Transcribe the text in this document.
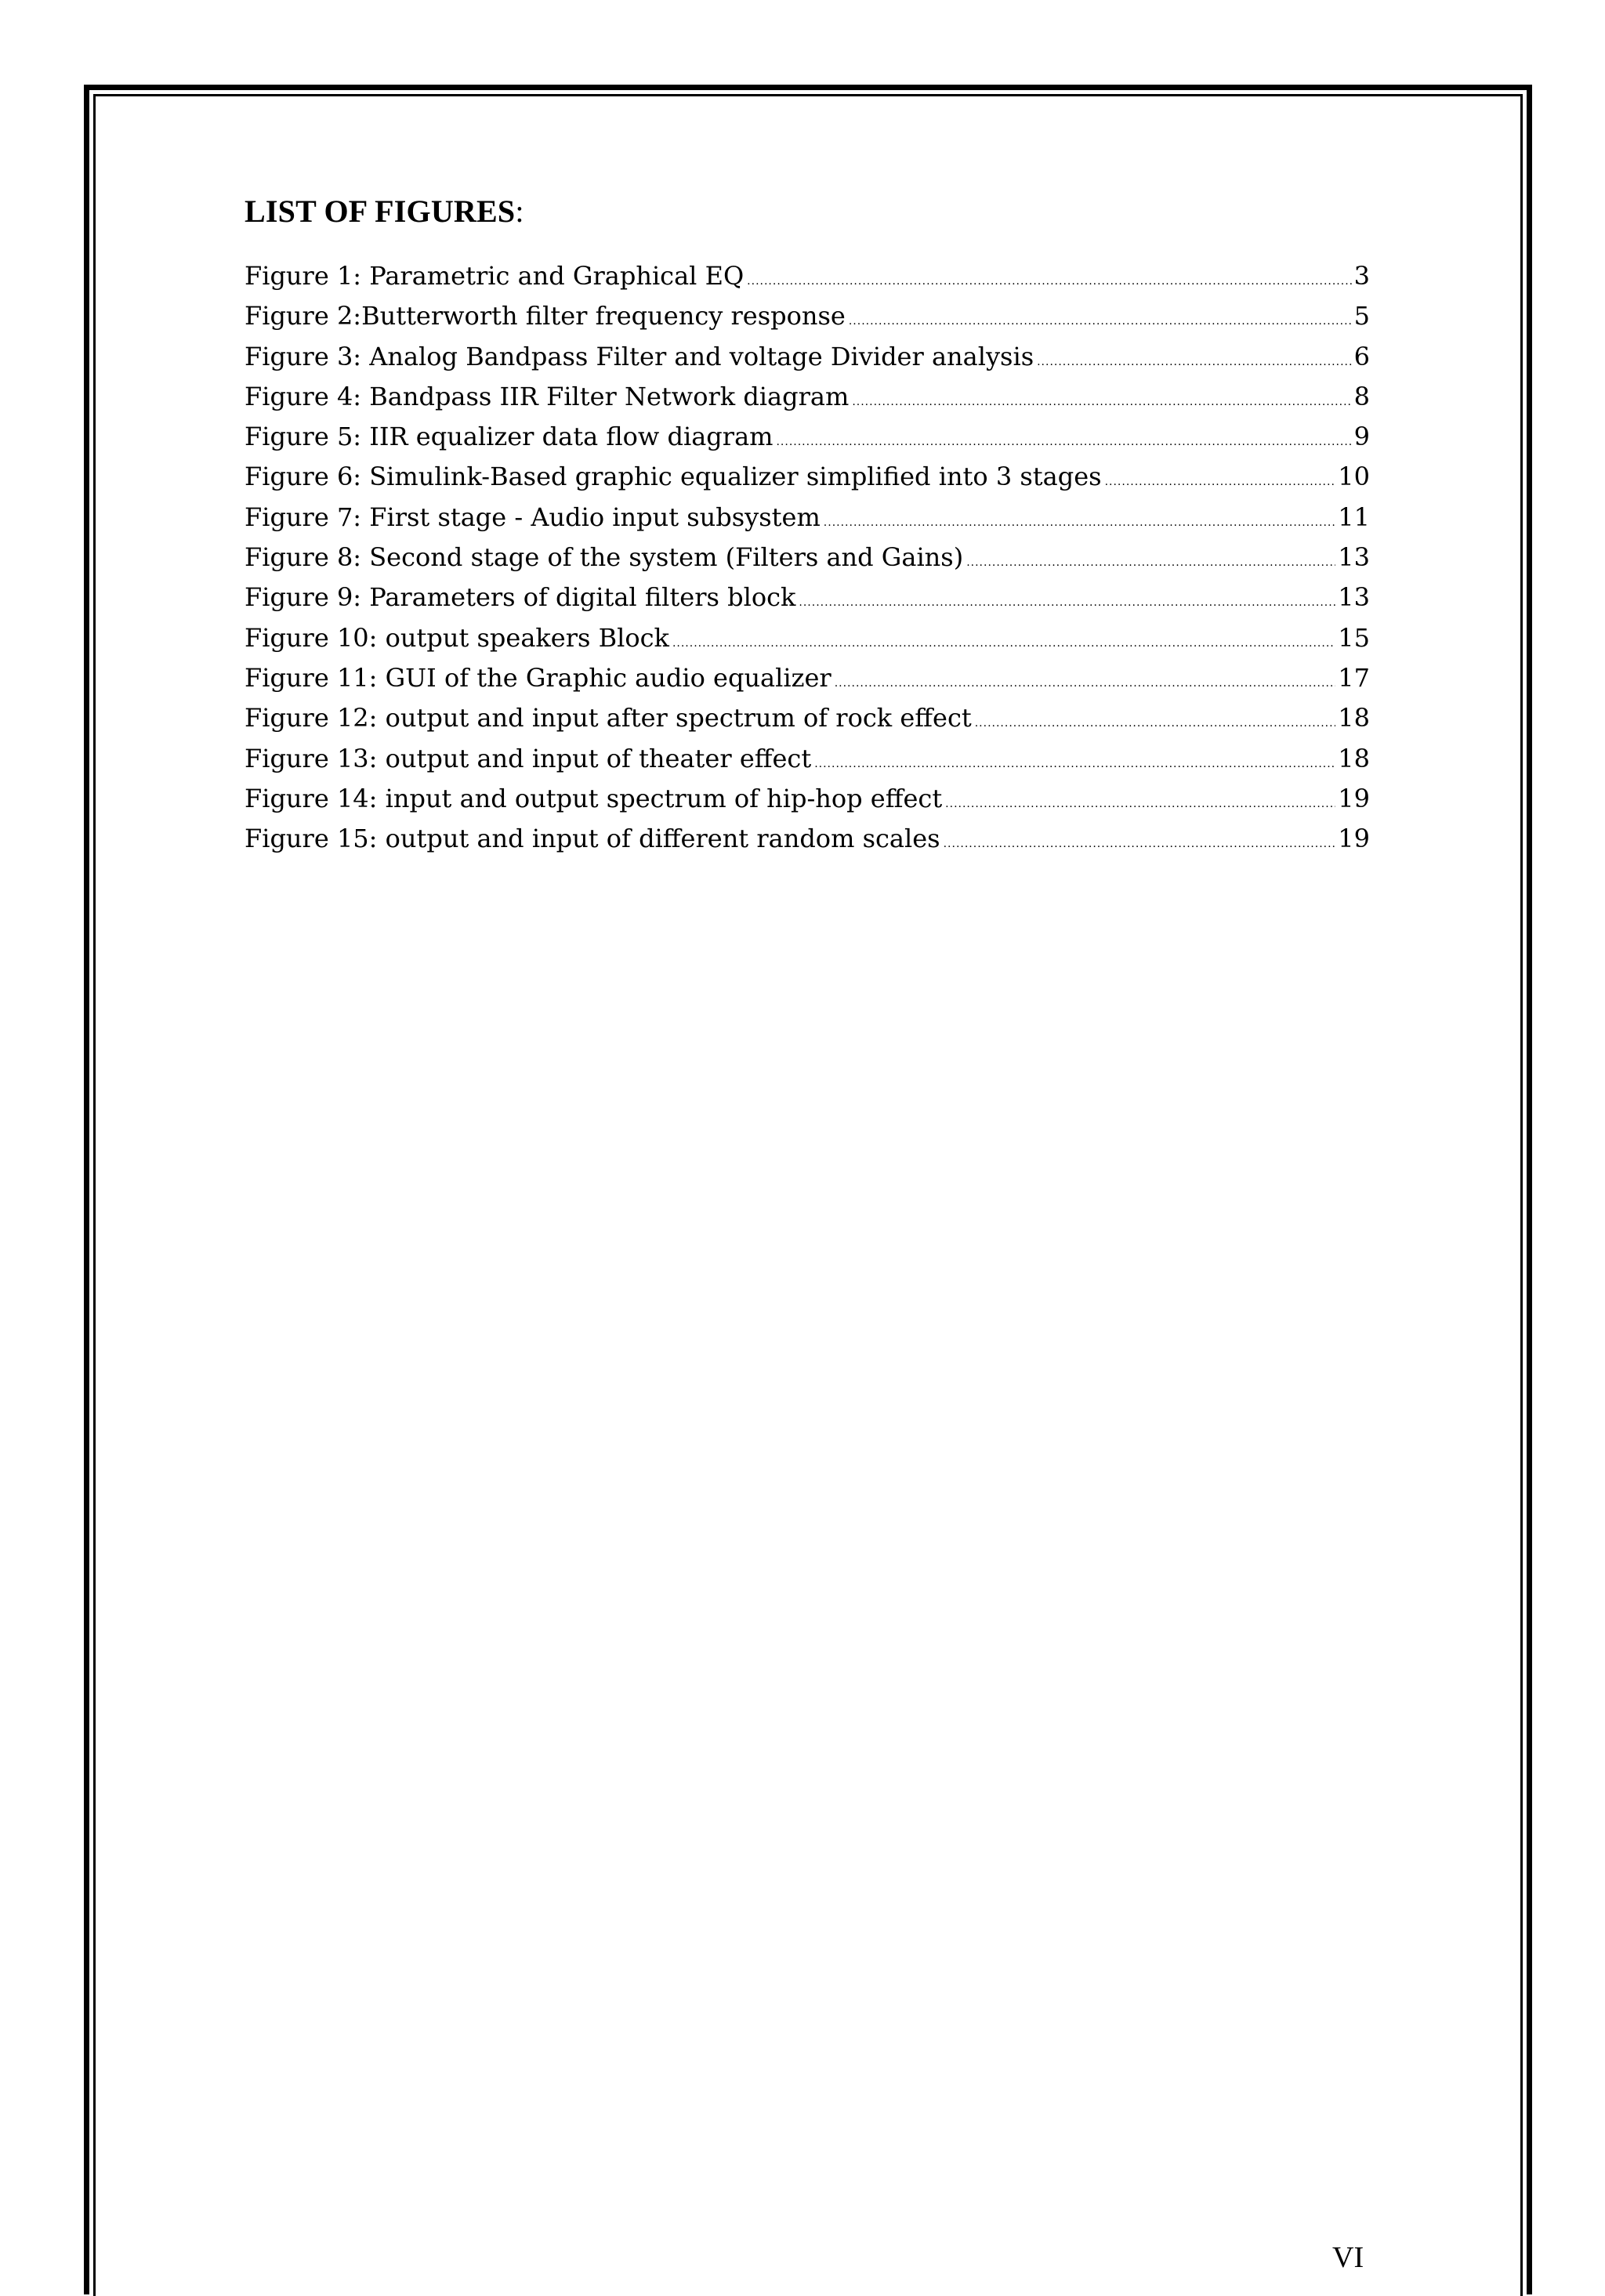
LIST OF FIGURES:
Figure 1: Parametric and Graphical EQ .....	3
Figure 2:Butterworth filter frequency response .....	5
Figure 3: Analog Bandpass Filter and voltage Divider analysis .....	6
Figure 4: Bandpass IIR Filter Network diagram .....	8
Figure 5: IIR equalizer data flow diagram .....	9
Figure 6: Simulink-Based graphic equalizer simplified into 3 stages .....	10
Figure 7: First stage - Audio input subsystem .....	11
Figure 8: Second stage of the system (Filters and Gains) .....	13
Figure 9: Parameters of digital filters block .....	13
Figure 10: output speakers Block .....	15
Figure 11: GUI of the Graphic audio equalizer .....	17
Figure 12: output and input after spectrum of rock effect .....	18
Figure 13: output and input of theater effect .....	18
Figure 14: input and output spectrum of hip-hop effect .....	19
Figure 15: output and input of different random scales .....	19
VI
